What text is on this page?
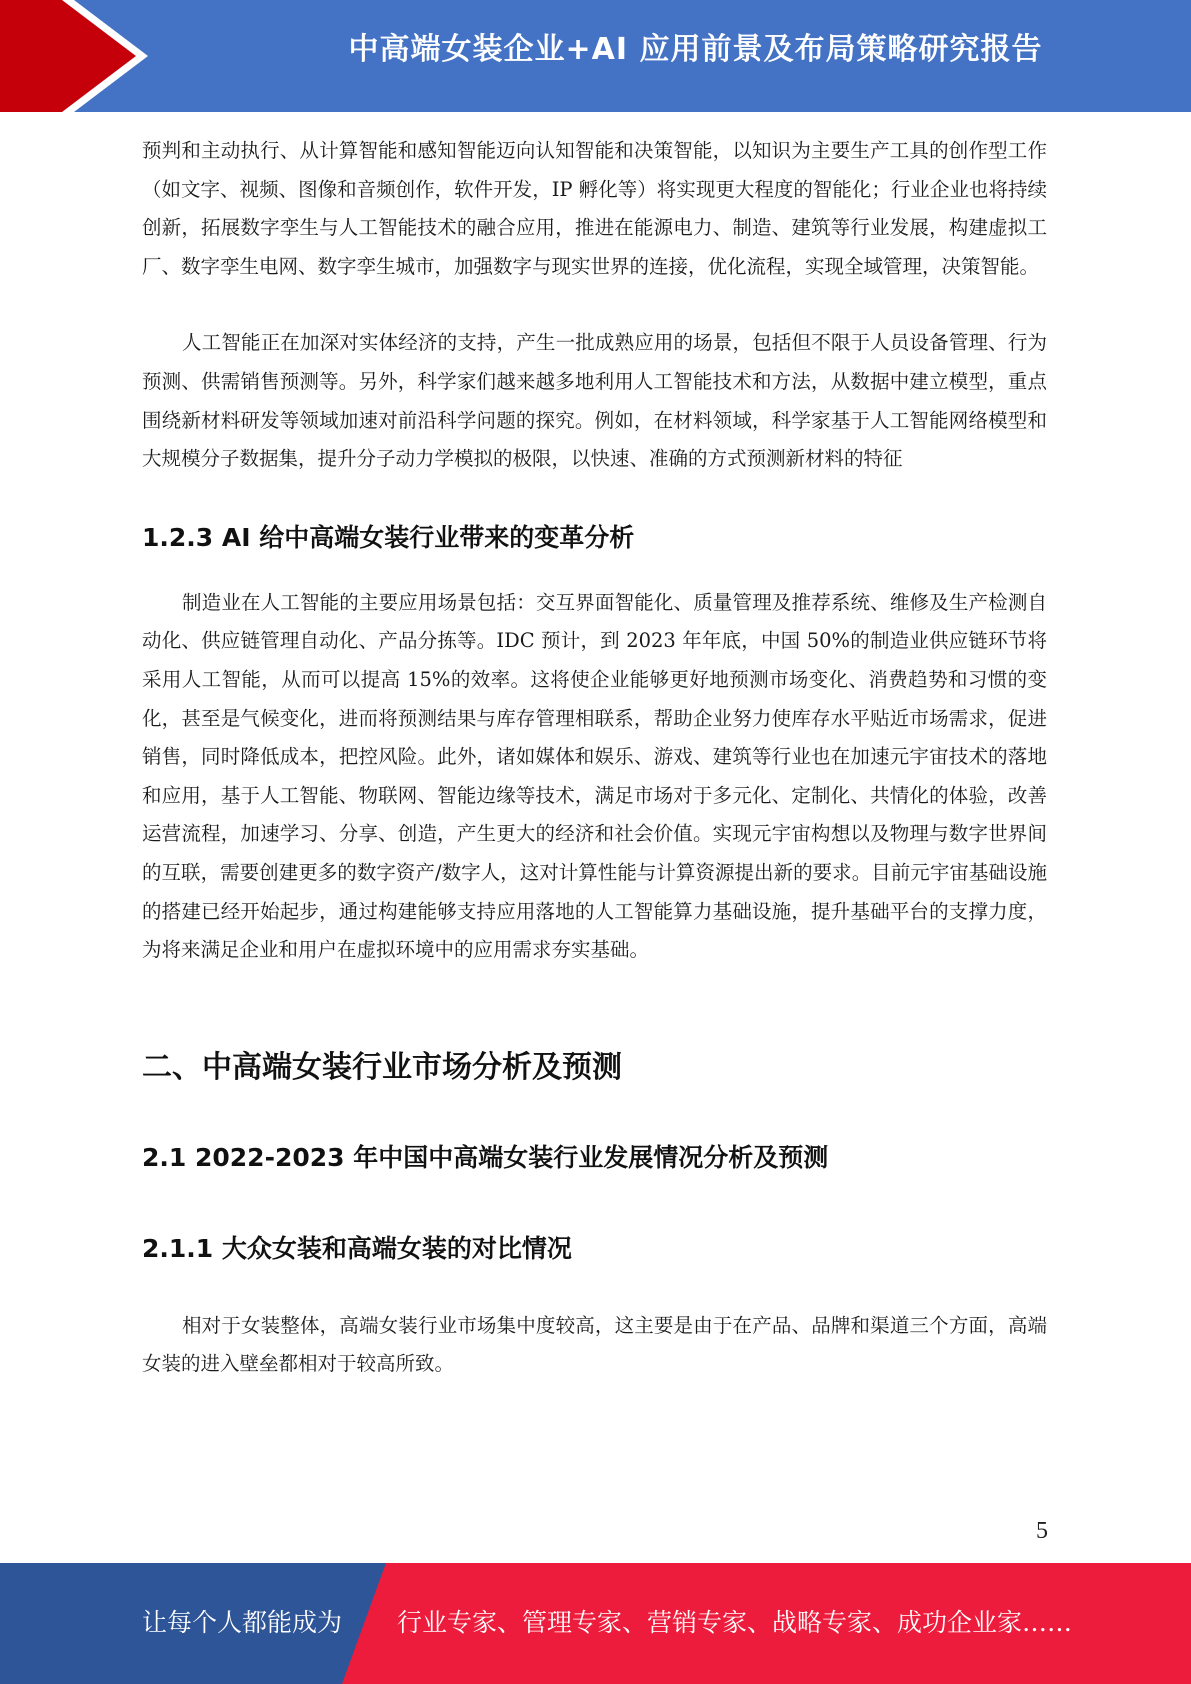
中高端女装企业+AI 应用前景及布局策略研究报告

预判和主动执行、从计算智能和感知智能迈向认知智能和决策智能，以知识为主要生产工具的创作型工作（如文字、视频、图像和音频创作，软件开发，IP 孵化等）将实现更大程度的智能化；行业企业也将持续创新，拓展数字孪生与人工智能技术的融合应用，推进在能源电力、制造、建筑等行业发展，构建虚拟工厂、数字孪生电网、数字孪生城市，加强数字与现实世界的连接，优化流程，实现全域管理，决策智能。

人工智能正在加深对实体经济的支持，产生一批成熟应用的场景，包括但不限于人员设备管理、行为预测、供需销售预测等。另外，科学家们越来越多地利用人工智能技术和方法，从数据中建立模型，重点围绕新材料研发等领域加速对前沿科学问题的探究。例如，在材料领域，科学家基于人工智能网络模型和大规模分子数据集，提升分子动力学模拟的极限，以快速、准确的方式预测新材料的特征

1.2.3 AI 给中高端女装行业带来的变革分析

制造业在人工智能的主要应用场景包括：交互界面智能化、质量管理及推荐系统、维修及生产检测自动化、供应链管理自动化、产品分拣等。IDC 预计，到 2023 年年底，中国 50%的制造业供应链环节将采用人工智能，从而可以提高 15%的效率。这将使企业能够更好地预测市场变化、消费趋势和习惯的变化，甚至是气候变化，进而将预测结果与库存管理相联系，帮助企业努力使库存水平贴近市场需求，促进销售，同时降低成本，把控风险。此外，诸如媒体和娱乐、游戏、建筑等行业也在加速元宇宙技术的落地和应用，基于人工智能、物联网、智能边缘等技术，满足市场对于多元化、定制化、共情化的体验，改善运营流程，加速学习、分享、创造，产生更大的经济和社会价值。实现元宇宙构想以及物理与数字世界间的互联，需要创建更多的数字资产/数字人，这对计算性能与计算资源提出新的要求。目前元宇宙基础设施的搭建已经开始起步，通过构建能够支持应用落地的人工智能算力基础设施，提升基础平台的支撑力度，为将来满足企业和用户在虚拟环境中的应用需求夯实基础。

二、中高端女装行业市场分析及预测
2.1 2022-2023 年中国中高端女装行业发展情况分析及预测
2.1.1 大众女装和高端女装的对比情况

相对于女装整体，高端女装行业市场集中度较高，这主要是由于在产品、品牌和渠道三个方面，高端女装的进入壁垒都相对于较高所致。

5
让每个人都能成为 行业专家、管理专家、营销专家、战略专家、成功企业家……
